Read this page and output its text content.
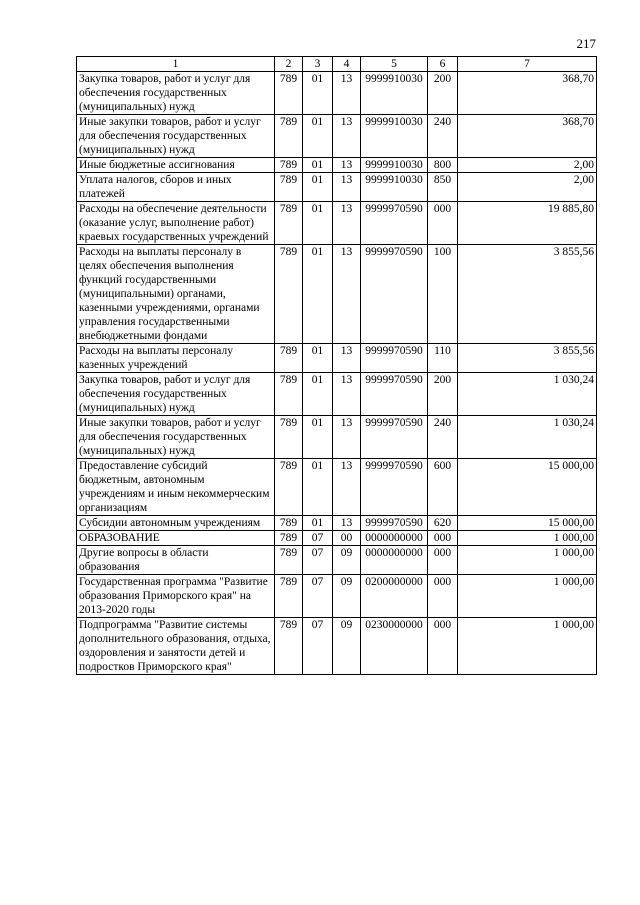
217
1	2	3	4	5	6	7
Закупка товаров, работ и услуг для обеспечения государственных (муниципальных) нужд	789	01	13	9999910030	200	368,70
Иные закупки товаров, работ и услуг для обеспечения государственных (муниципальных) нужд	789	01	13	9999910030	240	368,70
Иные бюджетные ассигнования	789	01	13	9999910030	800	2,00
Уплата налогов, сборов и иных платежей	789	01	13	9999910030	850	2,00
Расходы на обеспечение деятельности (оказание услуг, выполнение работ) краевых государственных учреждений	789	01	13	9999970590	000	19 885,80
Расходы на выплаты персоналу в целях обеспечения выполнения функций государственными (муниципальными) органами, казенными учреждениями, органами управления государственными внебюджетными фондами	789	01	13	9999970590	100	3 855,56
Расходы на выплаты персоналу казенных учреждений	789	01	13	9999970590	110	3 855,56
Закупка товаров, работ и услуг для обеспечения государственных (муниципальных) нужд	789	01	13	9999970590	200	1 030,24
Иные закупки товаров, работ и услуг для обеспечения государственных (муниципальных) нужд	789	01	13	9999970590	240	1 030,24
Предоставление субсидий бюджетным, автономным учреждениям и иным некоммерческим организациям	789	01	13	9999970590	600	15 000,00
Субсидии автономным учреждениям	789	01	13	9999970590	620	15 000,00
ОБРАЗОВАНИЕ	789	07	00	0000000000	000	1 000,00
Другие вопросы в области образования	789	07	09	0000000000	000	1 000,00
Государственная программа "Развитие образования Приморского края" на 2013-2020 годы	789	07	09	0200000000	000	1 000,00
Подпрограмма "Развитие системы дополнительного образования, отдыха, оздоровления и занятости детей и подростков Приморского края"	789	07	09	0230000000	000	1 000,00
